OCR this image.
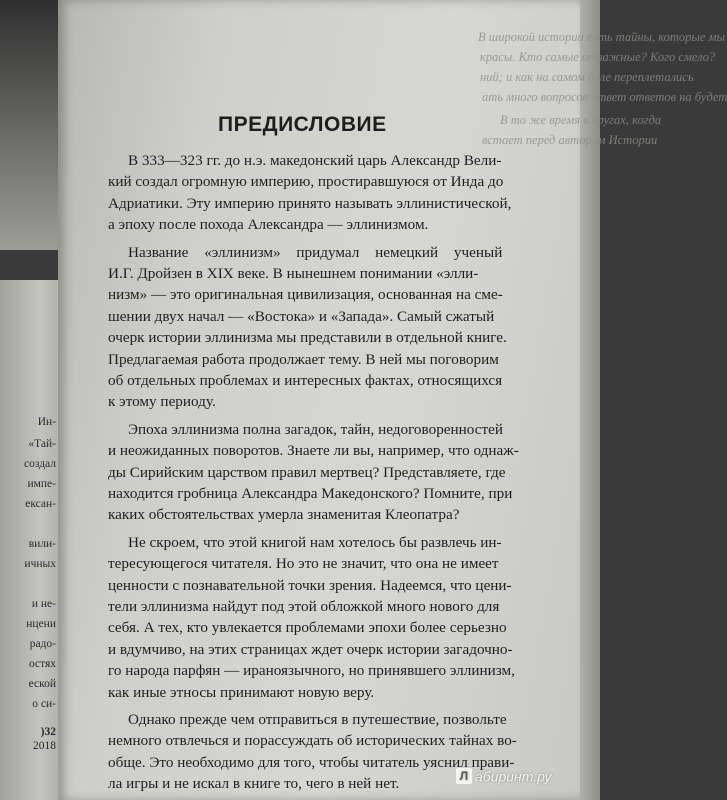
Ин-
«Тай-
создал
импе-
ексан-
вили-
ичных
и не-
нцени
радо-
остях
еской
о си-
)32
2018
В широкой истории есть тайны, которые мы
красы. Кто самые отважные? Кого смело?
ний; и как на самом деле переплетались
ать много вопросов ответ ответов на будет
В то же время в кругах, когда
встает перед автором Истории
ПРЕДИСЛОВИЕ
В 333—323 гг. до н.э. македонский царь Александр Вели-
кий создал огромную империю, простиравшуюся от Инда до
Адриатики. Эту империю принято называть эллинистической,
а эпоху после похода Александра — эллинизмом.
Название «эллинизм» придумал немецкий ученый
И.Г. Дройзен в XIX веке. В нынешнем понимании «элли-
низм» — это оригинальная цивилизация, основанная на сме-
шении двух начал — «Востока» и «Запада». Самый сжатый
очерк истории эллинизма мы представили в отдельной книге.
Предлагаемая работа продолжает тему. В ней мы поговорим
об отдельных проблемах и интересных фактах, относящихся
к этому периоду.
Эпоха эллинизма полна загадок, тайн, недоговоренностей
и неожиданных поворотов. Знаете ли вы, например, что однаж-
ды Сирийским царством правил мертвец? Представляете, где
находится гробница Александра Македонского? Помните, при
каких обстоятельствах умерла знаменитая Клеопатра?
Не скроем, что этой книгой нам хотелось бы развлечь ин-
тересующегося читателя. Но это не значит, что она не имеет
ценности с познавательной точки зрения. Надеемся, что цени-
тели эллинизма найдут под этой обложкой много нового для
себя. А тех, кто увлекается проблемами эпохи более серьезно
и вдумчиво, на этих страницах ждет очерк истории загадочно-
го народа парфян — ираноязычного, но принявшего эллинизм,
как иные этносы принимают новую веру.
Л абиринт.ру
Однако прежде чем отправиться в путешествие, позвольте
немного отвлечься и порассуждать об исторических тайнах во-
обще. Это необходимо для того, чтобы читатель уяснил прави-
ла игры и не искал в книге то, чего в ней нет.
